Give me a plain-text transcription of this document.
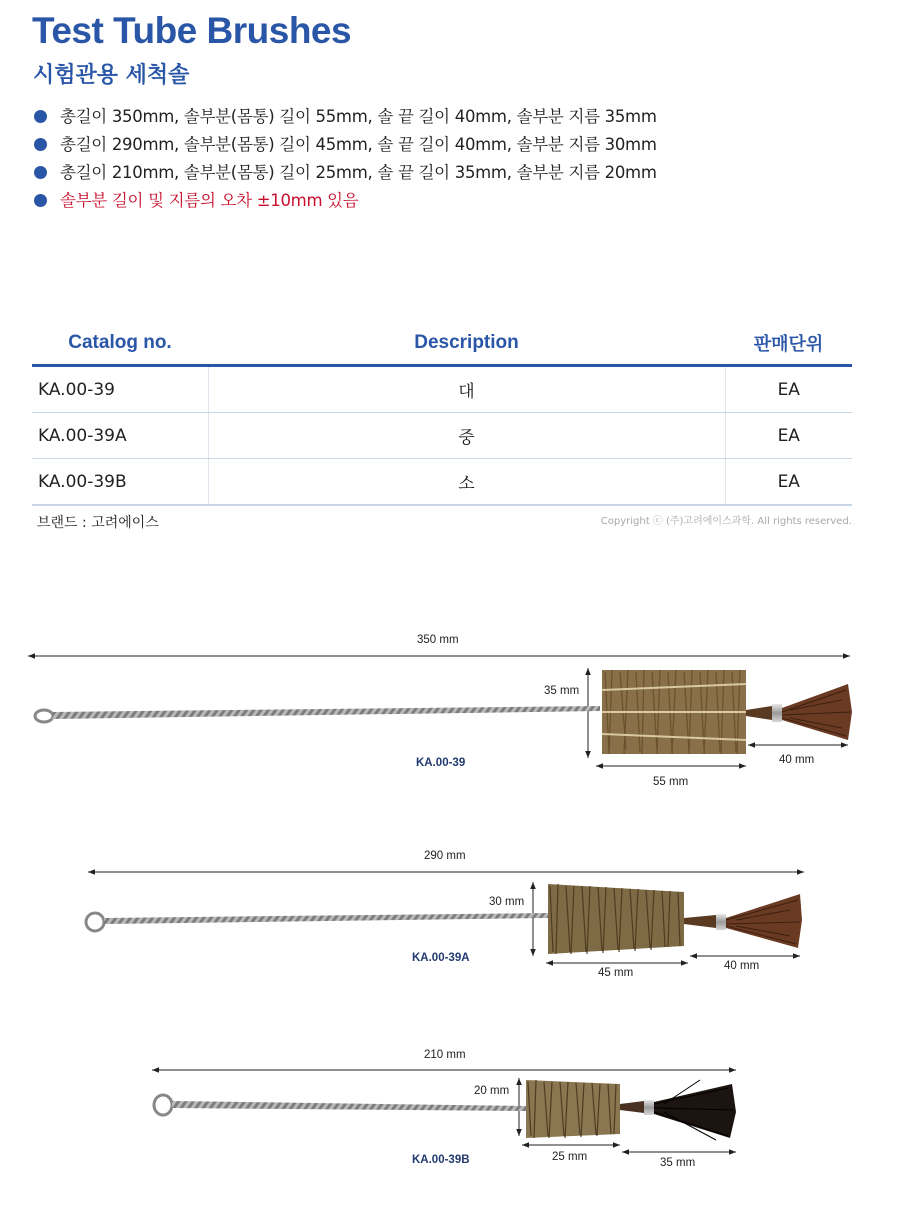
Test Tube Brushes
시험관용 세척솔
총길이 350mm, 솔부분(몸통) 길이 55mm, 솔 끝 길이 40mm, 솔부분 지름 35mm
총길이 290mm, 솔부분(몸통) 길이 45mm, 솔 끝 길이 40mm, 솔부분 지름 30mm
총길이 210mm, 솔부분(몸통) 길이 25mm, 솔 끝 길이 35mm, 솔부분 지름 20mm
솔부분 길이 및 지름의 오차 ±10mm 있음
Catalog no.	Description	판매단위
KA.00-39	대	EA
KA.00-39A	중	EA
KA.00-39B	소	EA
브랜드 : 고려에이스	Copyright ⓒ (주)고려에이스과학. All rights reserved.
350 mm
35 mm
55 mm
40 mm
KA.00-39
290 mm
30 mm
45 mm
40 mm
KA.00-39A
210 mm
20 mm
25 mm	35 mm
KA.00-39B
